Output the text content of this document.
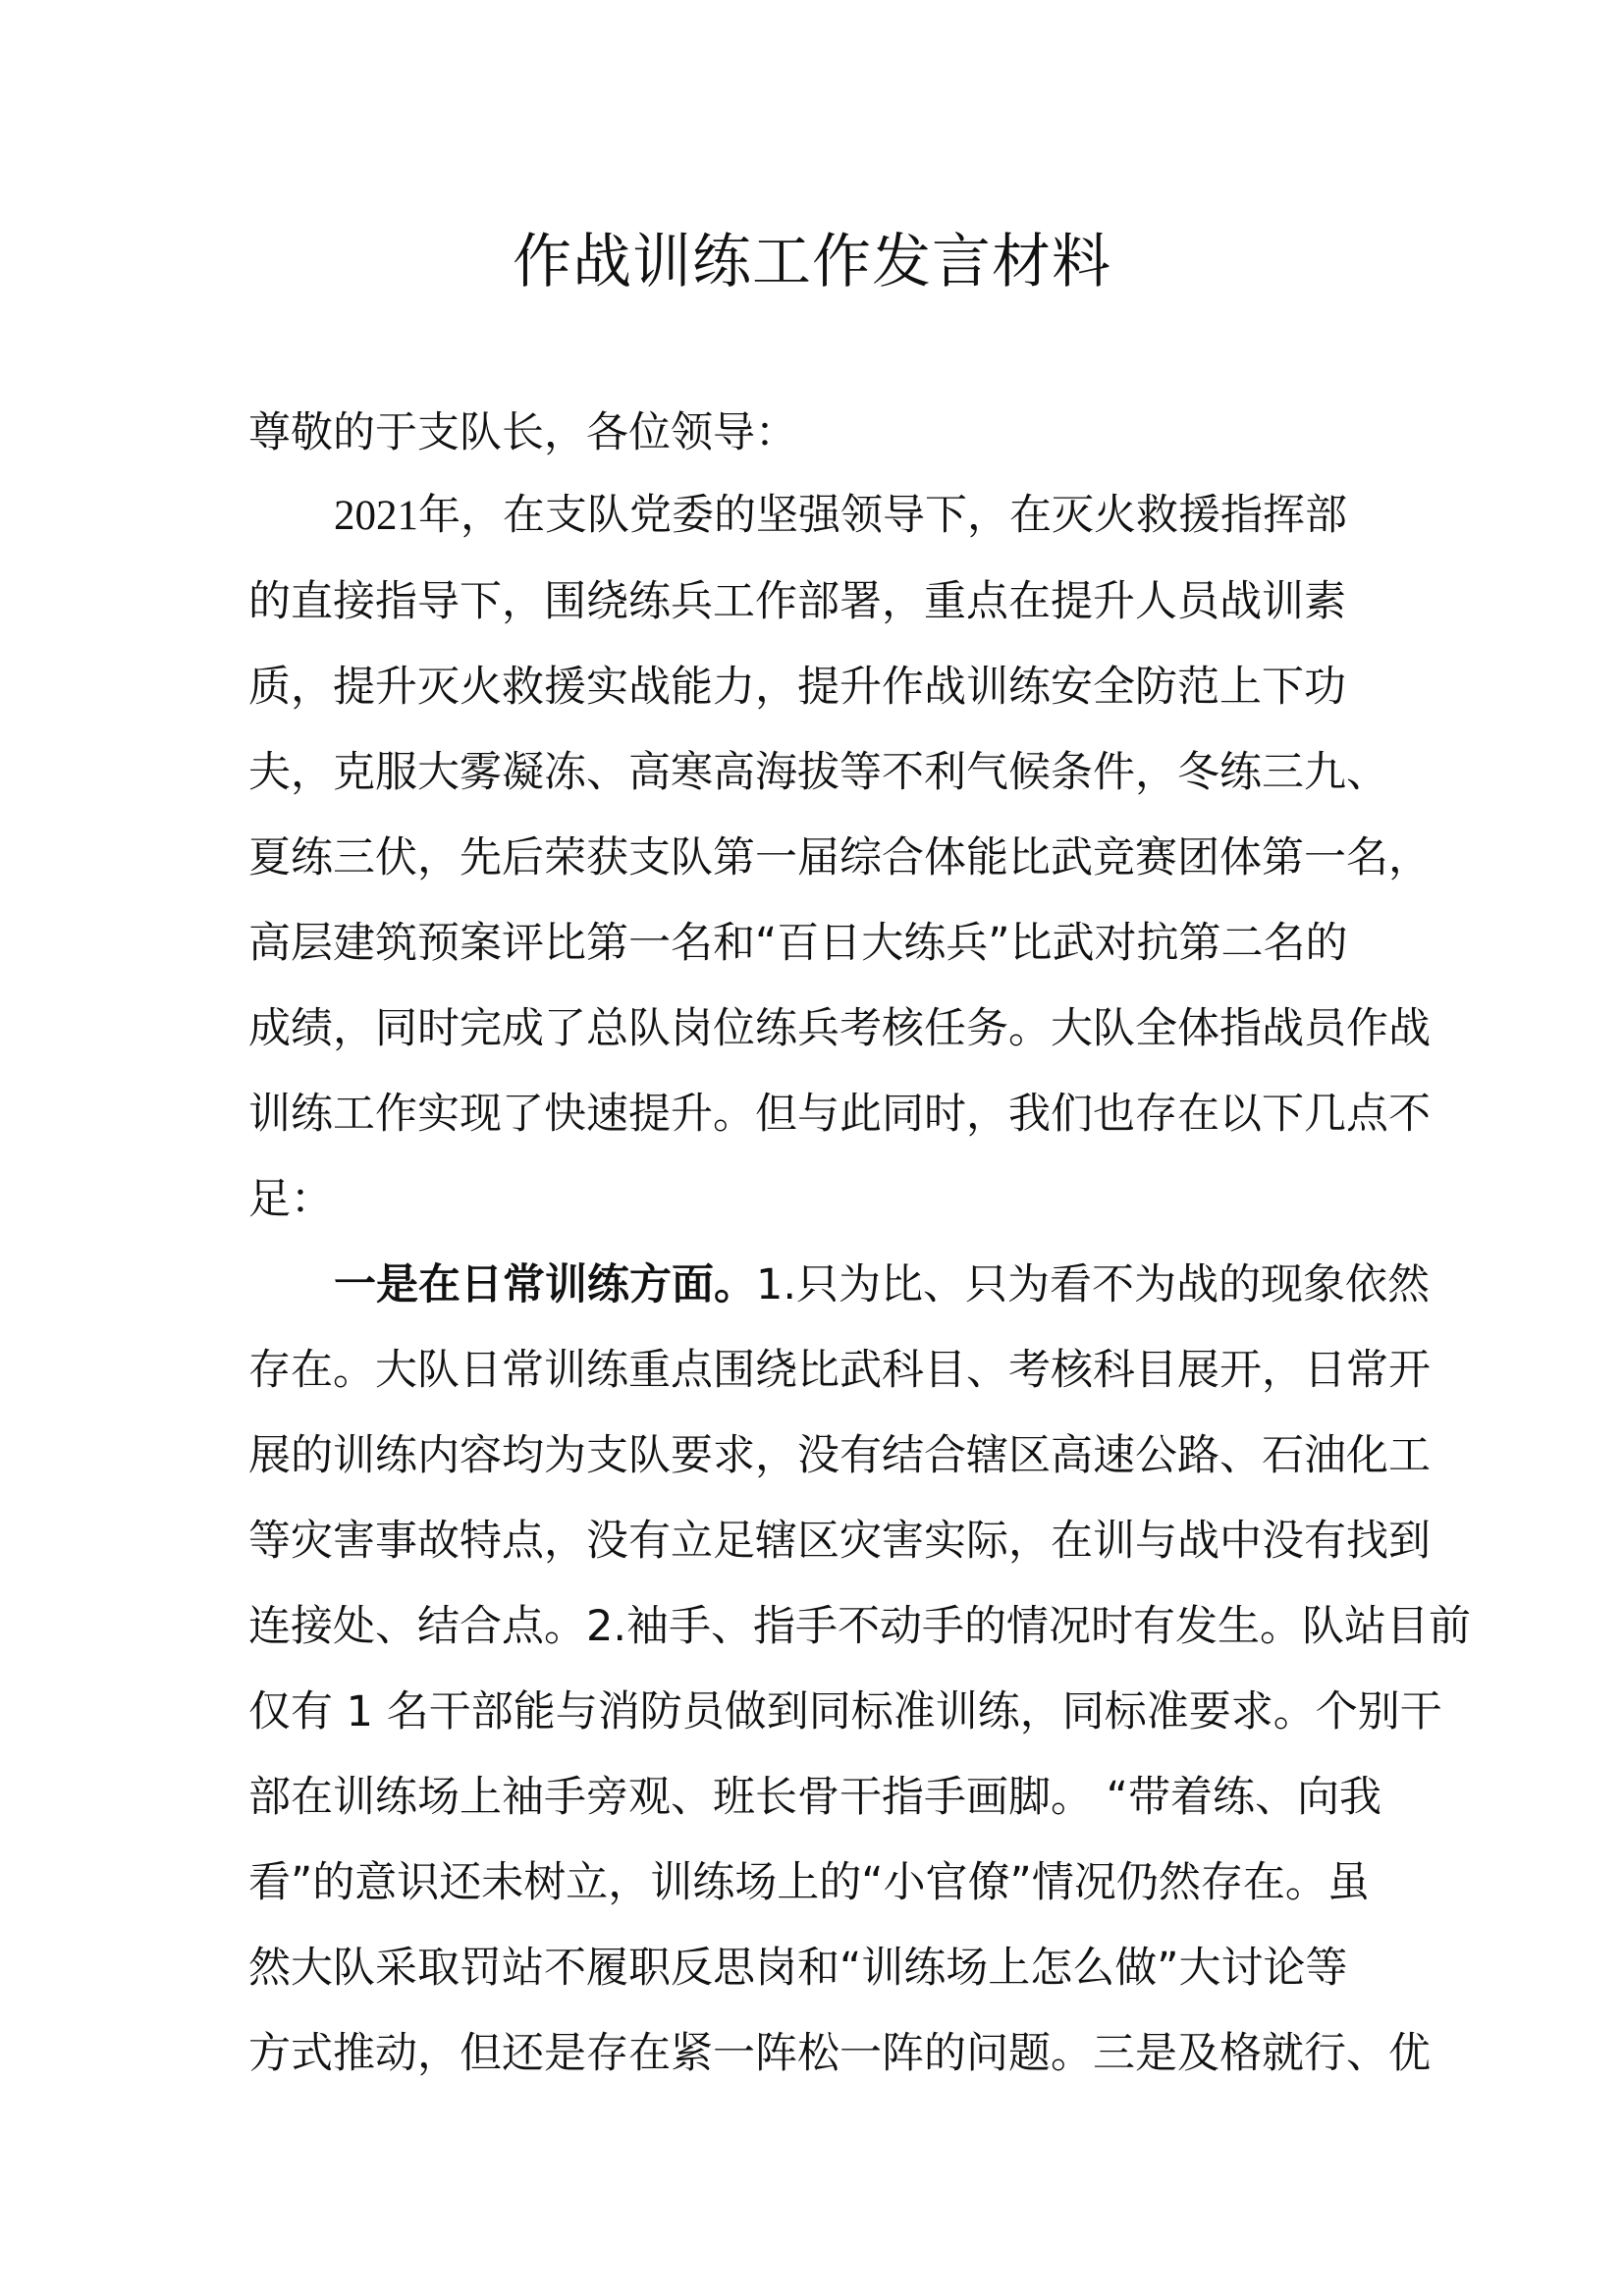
作战训练工作发言材料

尊敬的于支队长，各位领导：

2021年，在支队党委的坚强领导下，在灭火救援指挥部

的直接指导下，围绕练兵工作部署，重点在提升人员战训素

质，提升灭火救援实战能力，提升作战训练安全防范上下功

夫，克服大雾凝冻、高寒高海拔等不利气候条件，冬练三九、

夏练三伏，先后荣获支队第一届综合体能比武竞赛团体第一名，

高层建筑预案评比第一名和“百日大练兵”比武对抗第二名的

成绩，同时完成了总队岗位练兵考核任务。大队全体指战员作战

训练工作实现了快速提升。但与此同时，我们也存在以下几点不

足：

一是在日常训练方面。1.只为比、只为看不为战的现象依然

存在。大队日常训练重点围绕比武科目、考核科目展开，日常开

展的训练内容均为支队要求，没有结合辖区高速公路、石油化工

等灾害事故特点，没有立足辖区灾害实际，在训与战中没有找到

连接处、结合点。2.袖手、指手不动手的情况时有发生。队站目前

仅有 1 名干部能与消防员做到同标准训练，同标准要求。个别干

部在训练场上袖手旁观、班长骨干指手画脚。 “带着练、向我

看”的意识还未树立，训练场上的“小官僚”情况仍然存在。虽

然大队采取罚站不履职反思岗和“训练场上怎么做”大讨论等

方式推动，但还是存在紧一阵松一阵的问题。三是及格就行、优
